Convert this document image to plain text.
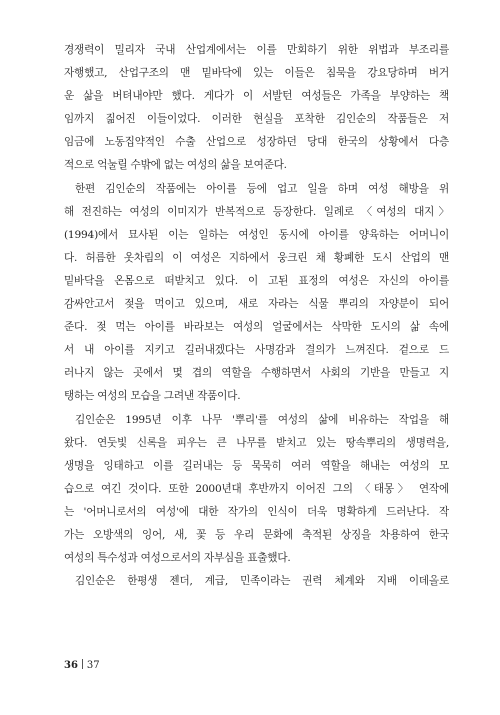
경쟁력이 밀리자 국내 산업계에서는 이를 만회하기 위한 위법과 부조리를

자행했고, 산업구조의 맨 밑바닥에 있는 이들은 침묵을 강요당하며 버거

운 삶을 버텨내야만 했다. 게다가 이 서발턴 여성들은 가족을 부양하는 책

임까지 짊어진 이들이었다. 이러한 현실을 포착한 김인순의 작품들은 저

임금에 노동집약적인 수출 산업으로 성장하던 당대 한국의 상황에서 다층

적으로 억눌릴 수밖에 없는 여성의 삶을 보여준다.

한편 김인순의 작품에는 아이를 등에 업고 일을 하며 여성 해방을 위

해 전진하는 여성의 이미지가 반복적으로 등장한다. 일례로 〈여성의 대지〉

(1994)에서 묘사된 이는 일하는 여성인 동시에 아이를 양육하는 어머니이

다. 허름한 옷차림의 이 여성은 지하에서 웅크린 채 황폐한 도시 산업의 맨

밑바닥을 온몸으로 떠받치고 있다. 이 고된 표정의 여성은 자신의 아이를

감싸안고서 젖을 먹이고 있으며, 새로 자라는 식물 뿌리의 자양분이 되어

준다. 젖 먹는 아이를 바라보는 여성의 얼굴에서는 삭막한 도시의 삶 속에

서 내 아이를 지키고 길러내겠다는 사명감과 결의가 느껴진다. 겉으로 드

러나지 않는 곳에서 몇 겹의 역할을 수행하면서 사회의 기반을 만들고 지

탱하는 여성의 모습을 그려낸 작품이다.

김인순은 1995년 이후 나무 '뿌리'를 여성의 삶에 비유하는 작업을 해

왔다. 연둣빛 신록을 피우는 큰 나무를 받치고 있는 땅속뿌리의 생명력을,

생명을 잉태하고 이를 길러내는 등 묵묵히 여러 역할을 해내는 여성의 모

습으로 여긴 것이다. 또한 2000년대 후반까지 이어진 그의 〈태몽〉 연작에

는 '어머니로서의 여성'에 대한 작가의 인식이 더욱 명확하게 드러난다. 작

가는 오방색의 잉어, 새, 꽃 등 우리 문화에 축적된 상징을 차용하여 한국

여성의 특수성과 여성으로서의 자부심을 표출했다.

김인순은 한평생 젠더, 계급, 민족이라는 권력 체계와 지배 이데올로

36 37
